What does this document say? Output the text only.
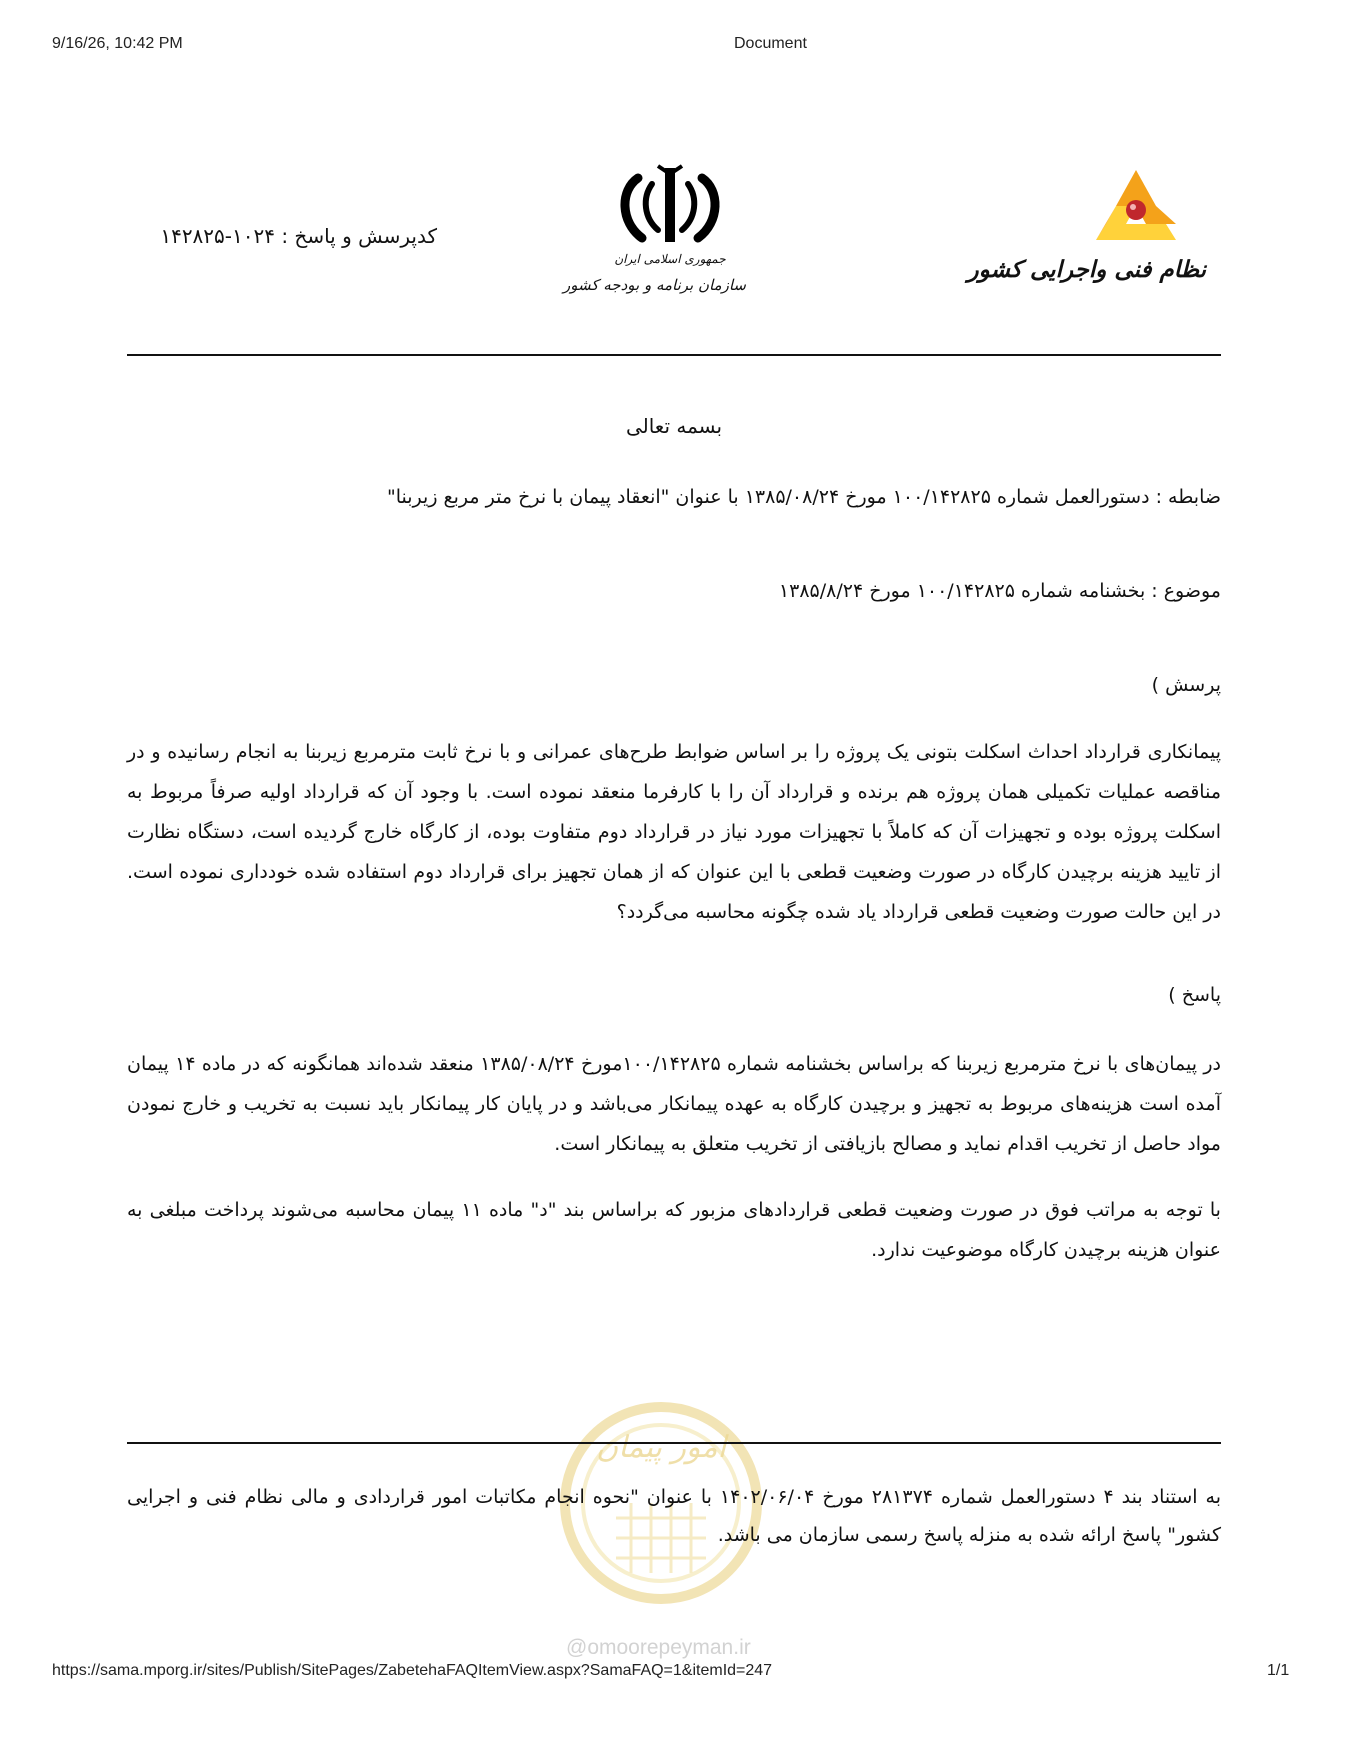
9/16/26, 10:42 PM	Document
کدپرسش و پاسخ : ۱۰۲۴-۱۴۲۸۲۵
جمهوری اسلامی ایران
سازمان برنامه و بودجه کشور
نظام فنی واجرایی کشور
بسمه تعالی
ضابطه : دستورالعمل شماره ۱۰۰/۱۴۲۸۲۵ مورخ ۱۳۸۵/۰۸/۲۴ با عنوان "انعقاد پیمان با نرخ متر مربع زیربنا"
موضوع : بخشنامه شماره ۱۰۰/۱۴۲۸۲۵ مورخ ۱۳۸۵/۸/۲۴
پرسش )

پیمانکاری قرارداد احداث اسکلت بتونی یک پروژه را بر اساس ضوابط طرح‌های عمرانی و با نرخ ثابت مترمربع زیربنا به انجام رسانیده و در مناقصه عملیات تکمیلی همان پروژه هم برنده و قرارداد آن را با کارفرما منعقد نموده است. با وجود آن که قرارداد اولیه صرفاً مربوط به اسکلت پروژه بوده و تجهیزات آن که کاملاً با تجهیزات مورد نیاز در قرارداد دوم متفاوت بوده، از کارگاه خارج گردیده است، دستگاه نظارت از تایید هزینه برچیدن کارگاه در صورت وضعیت قطعی با این عنوان که از همان تجهیز برای قرارداد دوم استفاده شده خودداری نموده است. در این حالت صورت وضعیت قطعی قرارداد یاد شده چگونه محاسبه می‌گردد؟

پاسخ )

در پیمان‌های با نرخ مترمربع زیربنا که براساس بخشنامه شماره ۱۰۰/۱۴۲۸۲۵مورخ ۱۳۸۵/۰۸/۲۴ منعقد شده‌اند همانگونه که در ماده ۱۴ پیمان آمده است هزینه‌های مربوط به تجهیز و برچیدن کارگاه به عهده پیمانکار می‌باشد و در پایان کار پیمانکار باید نسبت به تخریب و خارج نمودن مواد حاصل از تخریب اقدام نماید و مصالح بازیافتی از تخریب متعلق به پیمانکار است.

با توجه به مراتب فوق در صورت وضعیت قطعی قراردادهای مزبور که براساس بند "د" ماده ۱۱ پیمان محاسبه می‌شوند پرداخت مبلغی به عنوان هزینه برچیدن کارگاه موضوعیت ندارد.

امور پیمان

به استناد بند ۴ دستورالعمل شماره ۲۸۱۳۷۴ مورخ ۱۴۰۲/۰۶/۰۴ با عنوان "نحوه انجام مکاتبات امور قراردادی و مالی نظام فنی و اجرایی کشور" پاسخ ارائه شده به منزله پاسخ رسمی سازمان می باشد.

@omoorepeyman.ir
https://sama.mporg.ir/sites/Publish/SitePages/ZabetehaFAQItemView.aspx?SamaFAQ=1&itemId=247	1/1
